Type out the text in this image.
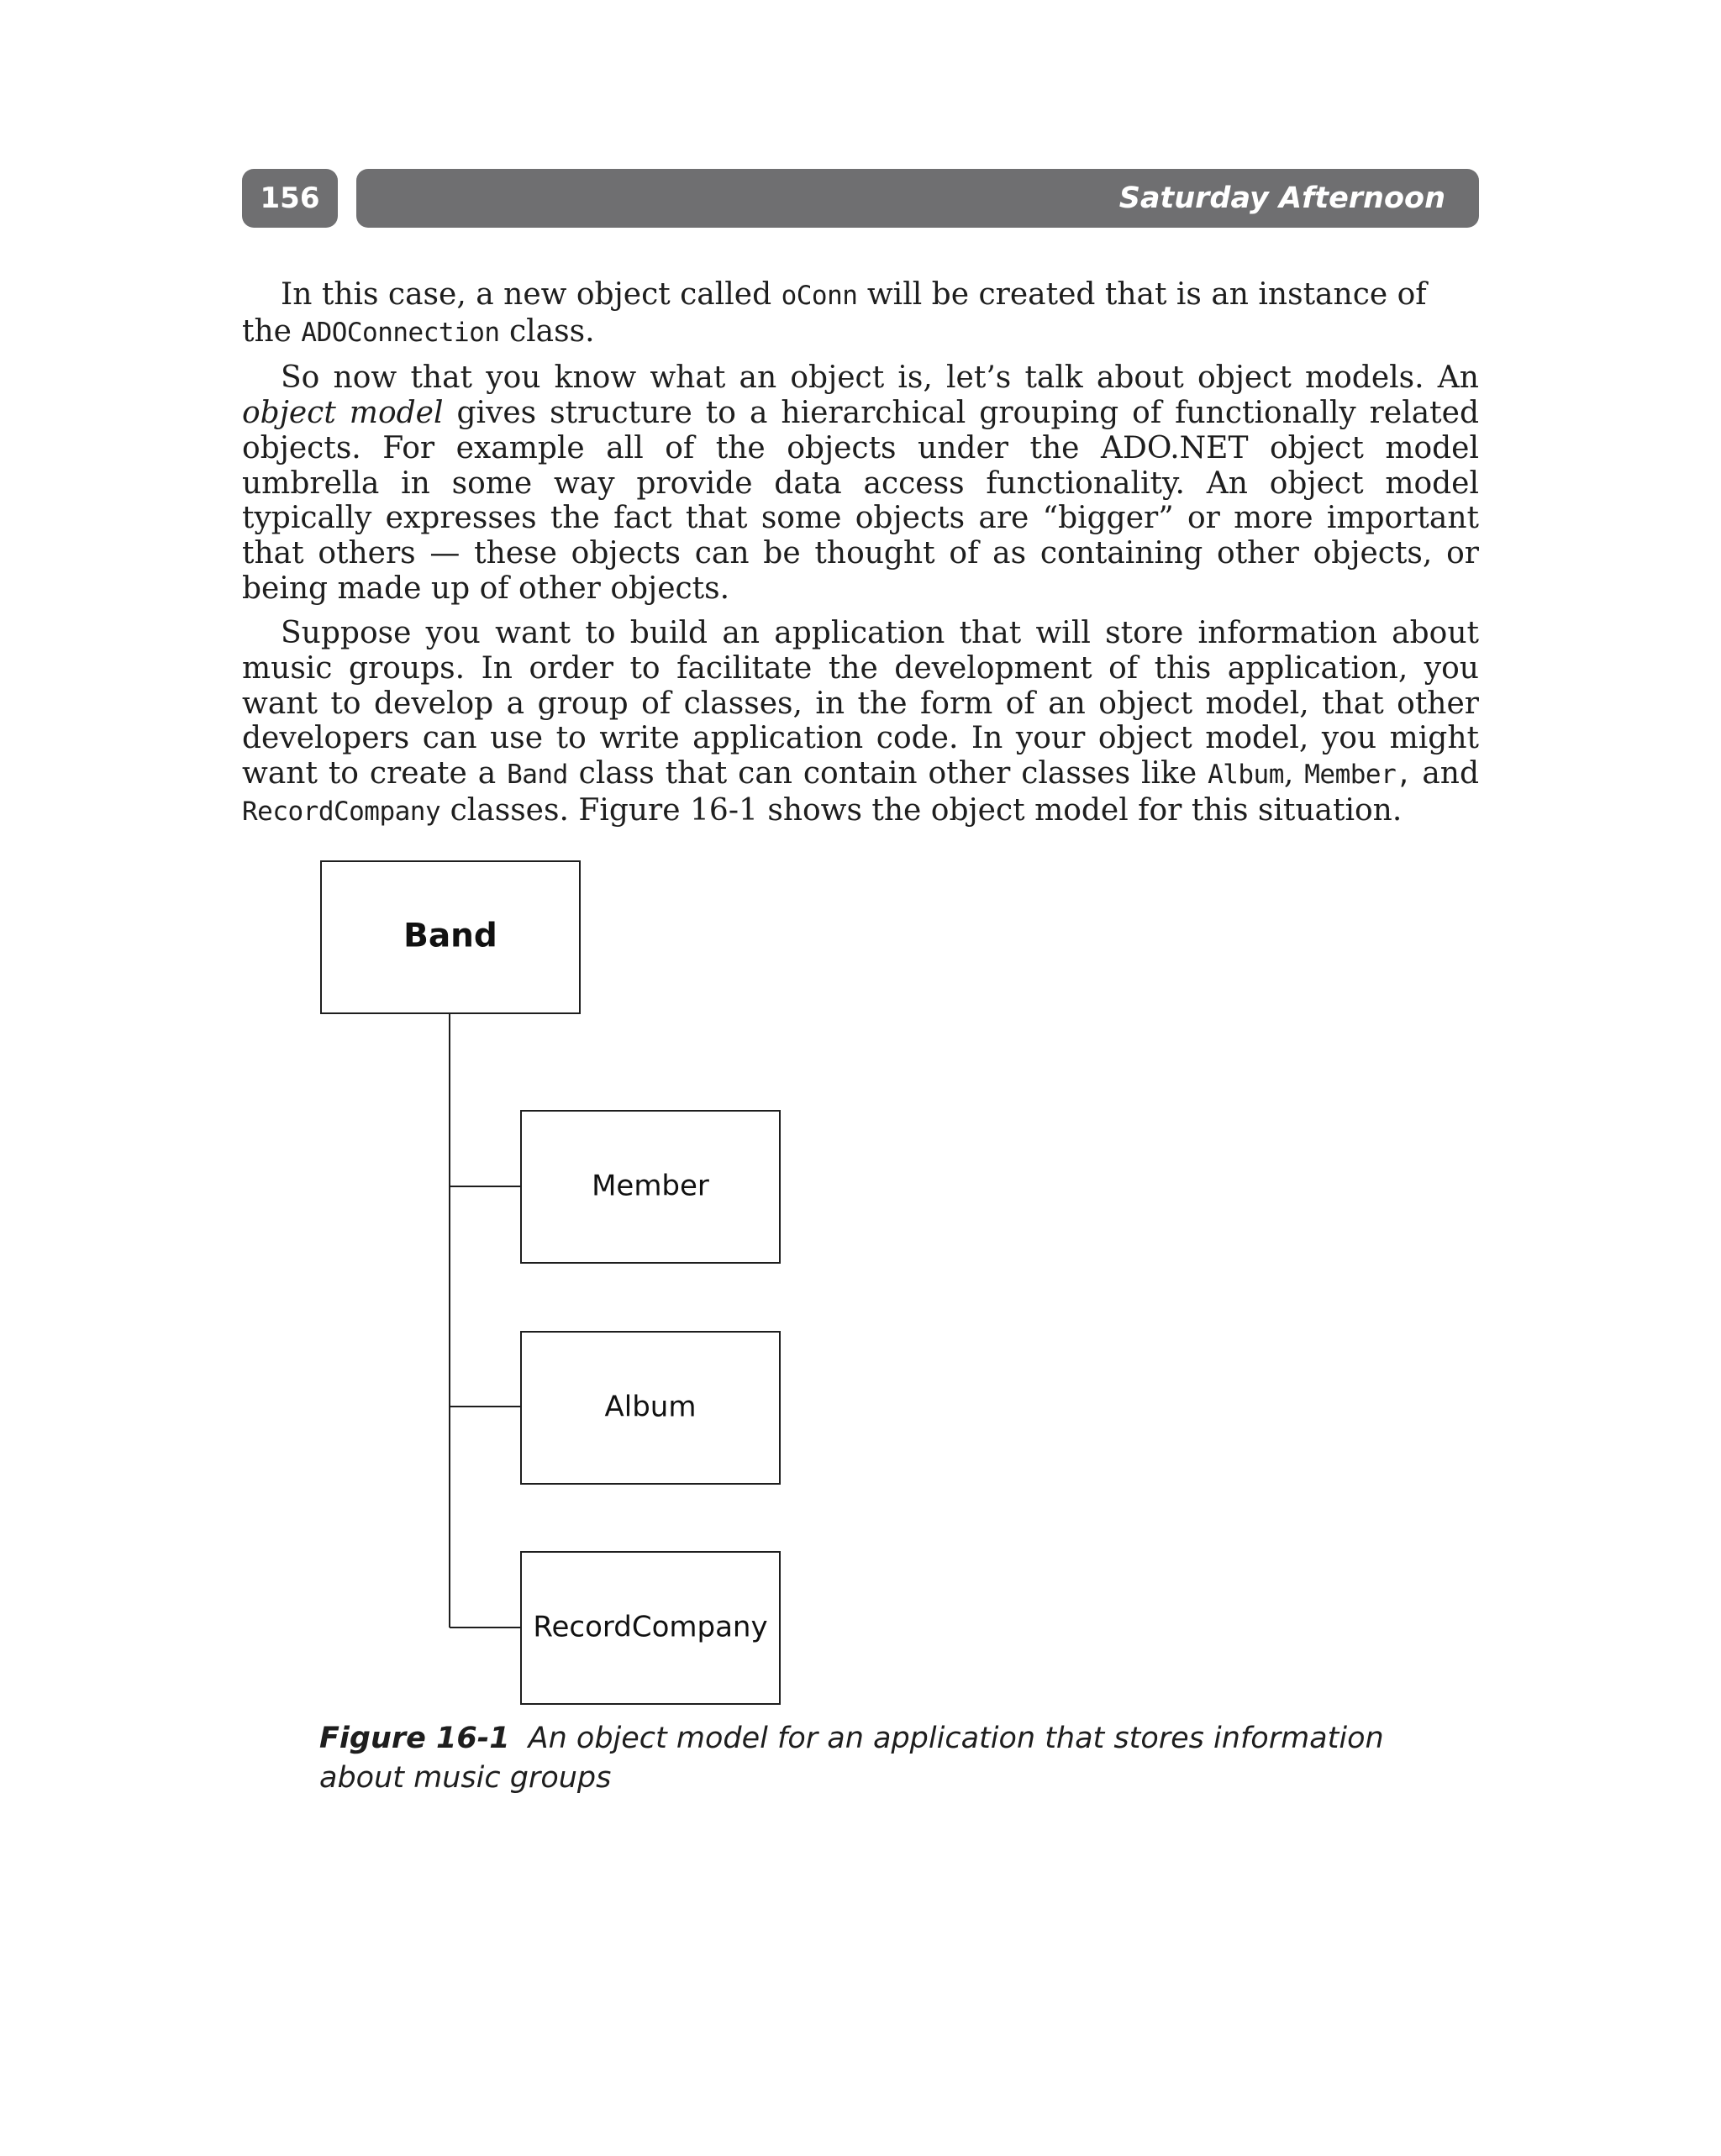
156	Saturday Afternoon

In this case, a new object called oConn will be created that is an instance of the ADOConnection class.

So now that you know what an object is, let’s talk about object models. An object model gives structure to a hierarchical grouping of functionally related objects. For example all of the objects under the ADO.NET object model umbrella in some way provide data access functionality. An object model typically expresses the fact that some objects are “bigger” or more important that others — these objects can be thought of as containing other objects, or being made up of other objects.

Suppose you want to build an application that will store information about music groups. In order to facilitate the development of this application, you want to develop a group of classes, in the form of an object model, that other developers can use to write application code. In your object model, you might want to create a Band class that can contain other classes like Album, Member, and RecordCompany classes. Figure 16-1 shows the object model for this situation.

Band
Member
Album
RecordCompany
Figure 16-1 An object model for an application that stores information about music groups
